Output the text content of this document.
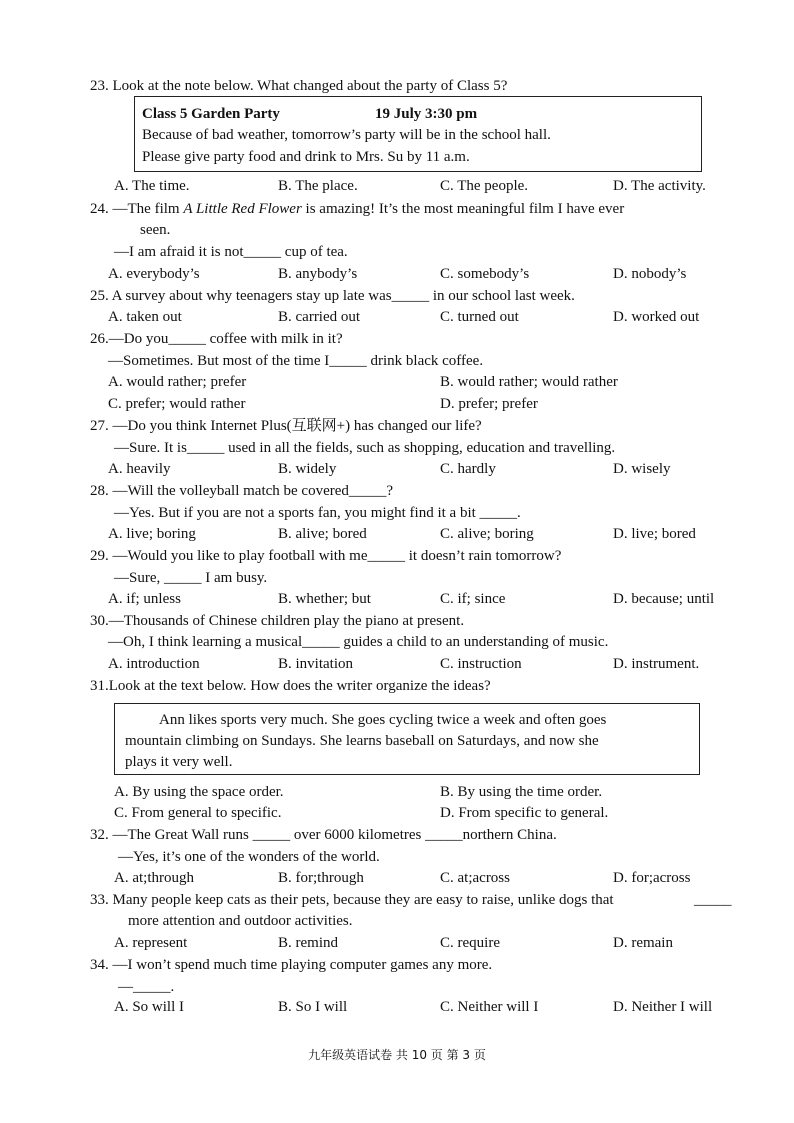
23. Look at the note below. What changed about the party of Class 5?
Class 5 Garden Party	19 July 3:30 pm
Because of bad weather, tomorrow’s party will be in the school hall.
Please give party food and drink to Mrs. Su by 11 a.m.
A. The time.	B. The place.	C. The people.	D. The activity.
24. —The film A Little Red Flower is amazing! It’s the most meaningful film I have ever
seen.
—I am afraid it is not_____ cup of tea.
A. everybody’s	B. anybody’s	C. somebody’s	D. nobody’s
25. A survey about why teenagers stay up late was_____ in our school last week.
A. taken out	B. carried out	C. turned out	D. worked out
26.—Do you_____ coffee with milk in it?
—Sometimes. But most of the time I_____ drink black coffee.
A. would rather; prefer	B. would rather; would rather
C. prefer; would rather	D. prefer; prefer
27. —Do you think Internet Plus(互联网+) has changed our life?
—Sure. It is_____ used in all the fields, such as shopping, education and travelling.
A. heavily	B. widely	C. hardly	D. wisely
28. —Will the volleyball match be covered_____?
—Yes. But if you are not a sports fan, you might find it a bit _____.
A. live; boring	B. alive; bored	C. alive; boring	D. live; bored
29. —Would you like to play football with me_____ it doesn’t rain tomorrow?
—Sure, _____ I am busy.
A. if; unless	B. whether; but	C. if; since	D. because; until
30.—Thousands of Chinese children play the piano at present.
—Oh, I think learning a musical_____ guides a child to an understanding of music.
A. introduction	B. invitation	C. instruction	D. instrument.
31.Look at the text below. How does the writer organize the ideas?
Ann likes sports very much. She goes cycling twice a week and often goes
mountain climbing on Sundays. She learns baseball on Saturdays, and now she
plays it very well.
A. By using the space order.	B. By using the time order.
C. From general to specific.	D. From specific to general.
32. —The Great Wall runs _____ over 6000 kilometres _____northern China.
—Yes, it’s one of the wonders of the world.
A. at;through	B. for;through	C. at;across	D. for;across
33. Many people keep cats as their pets, because they are easy to raise, unlike dogs that	_____
more attention and outdoor activities.
A. represent	B. remind	C. require	D. remain
34. —I won’t spend much time playing computer games any more.
—_____.
A. So will I	B. So I will	C. Neither will I	D. Neither I will
九年级英语试卷 共 10 页 第 3 页
